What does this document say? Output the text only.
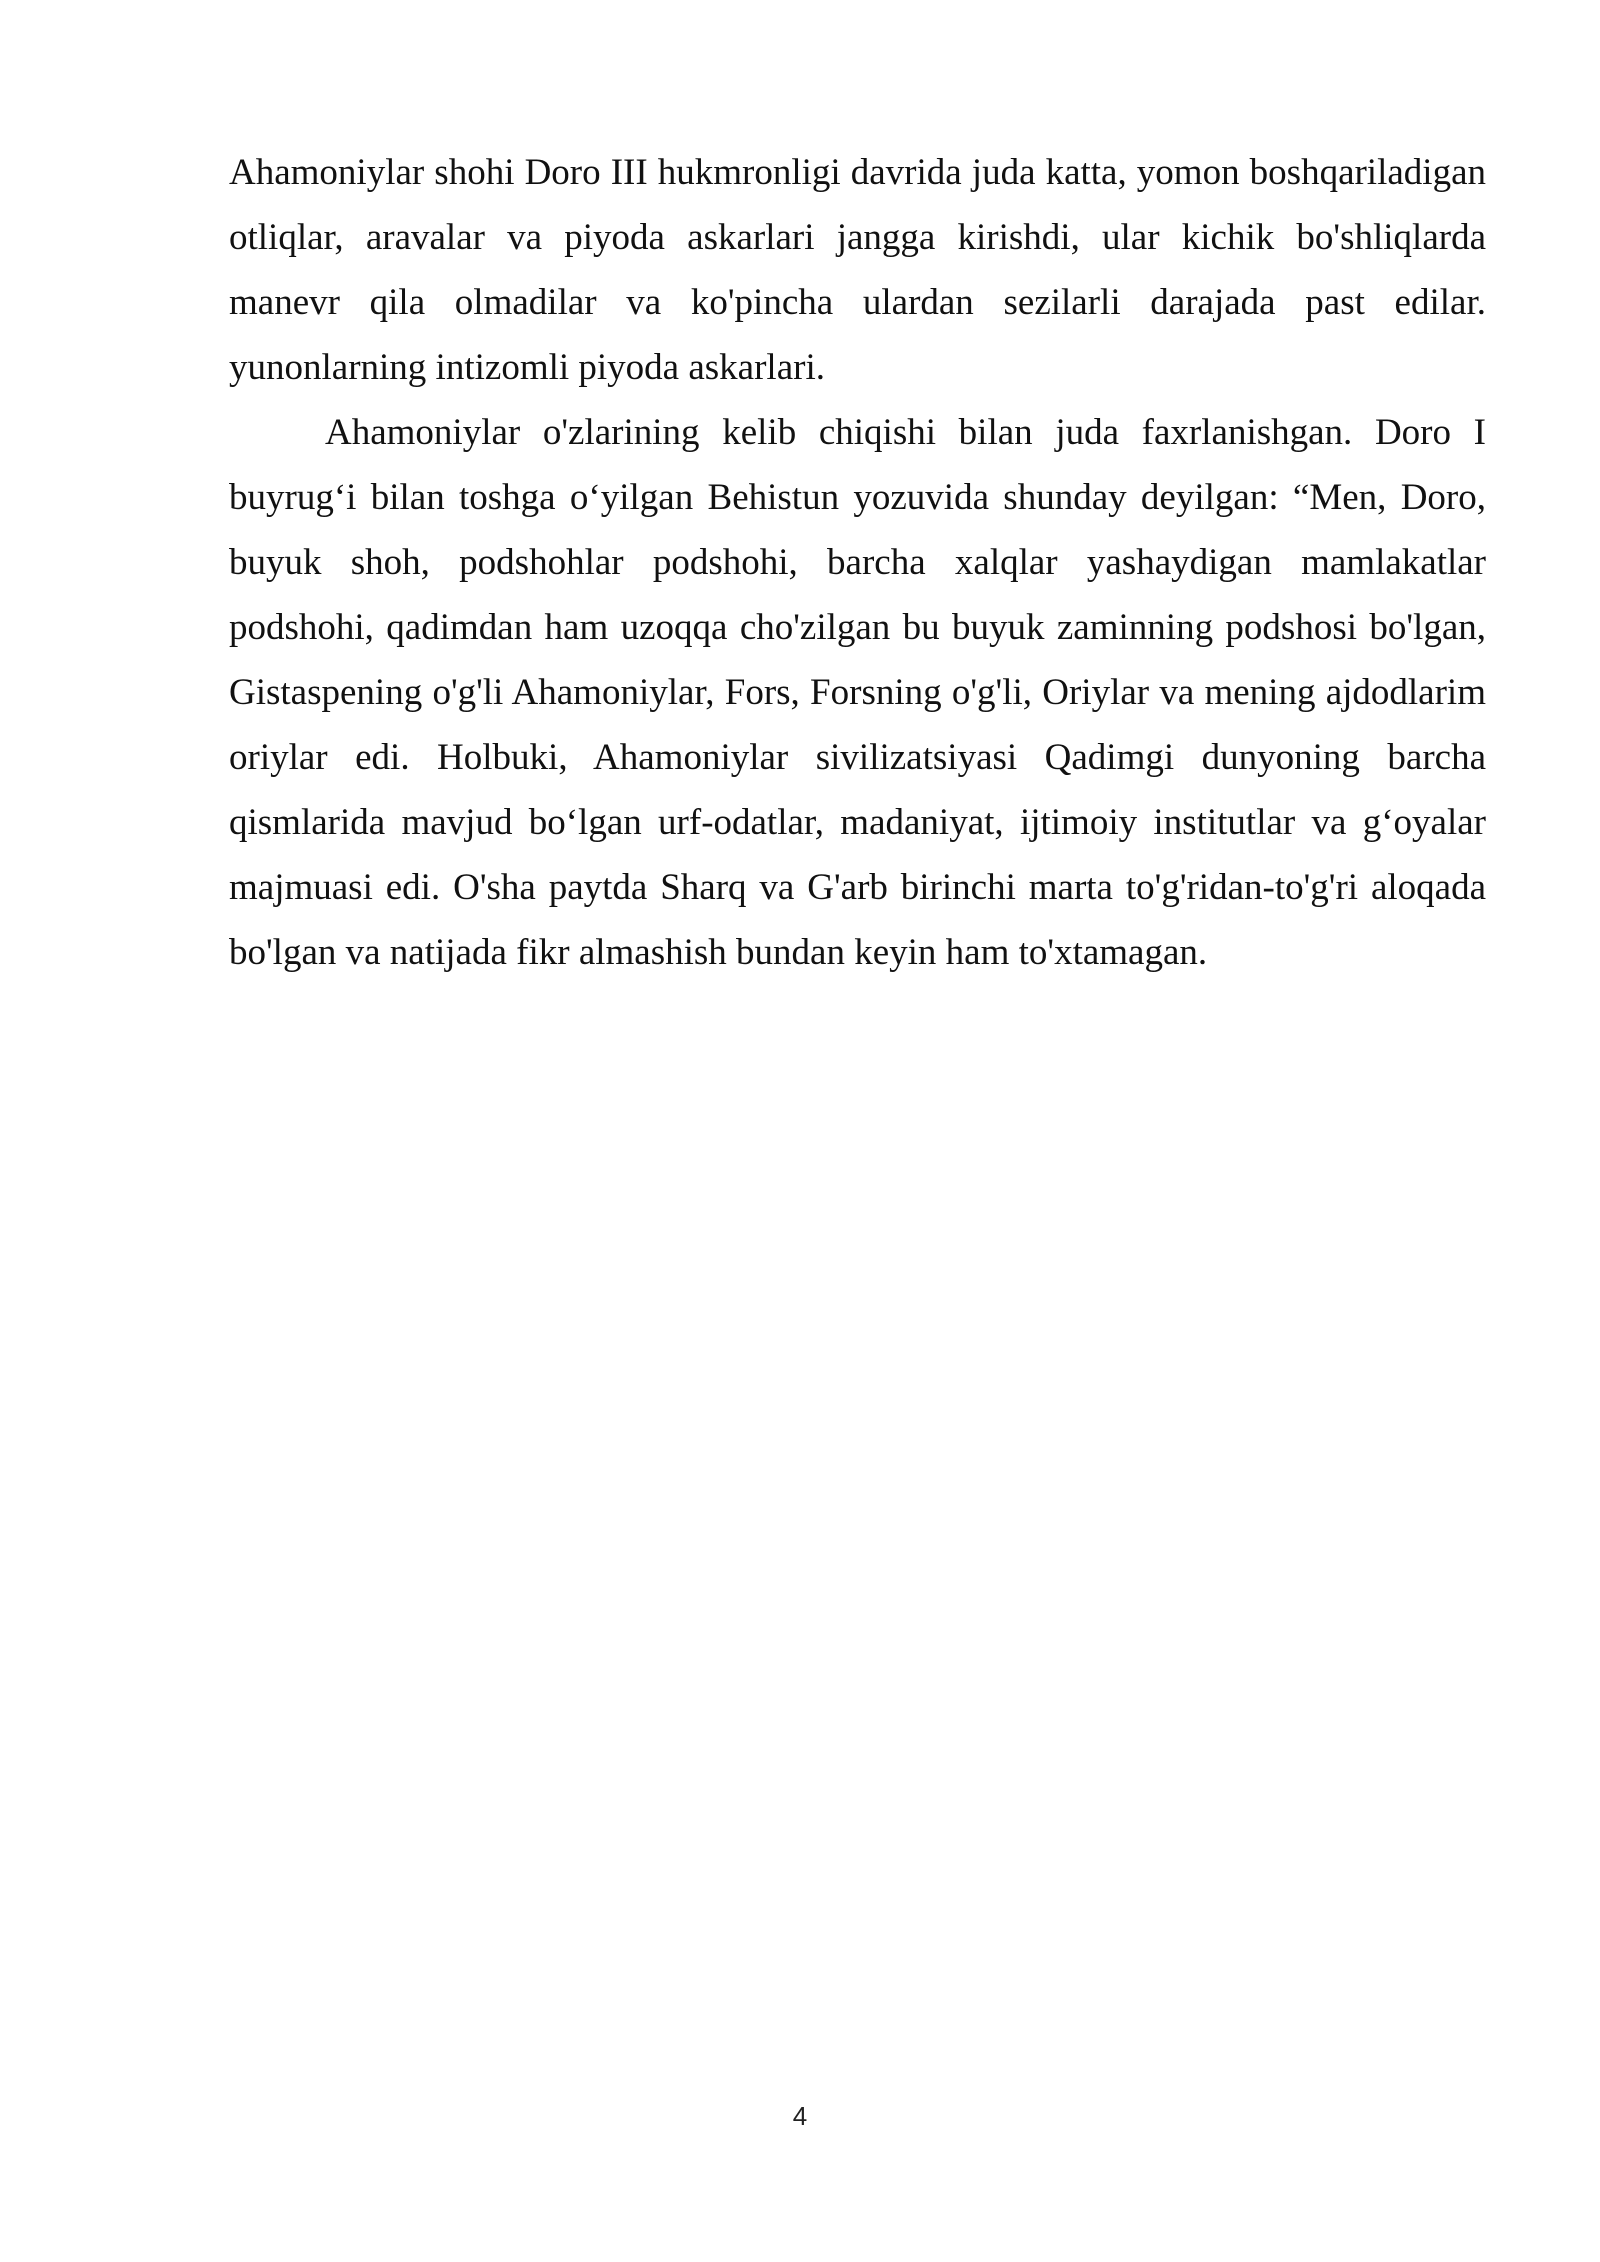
Ahamoniylar shohi Doro III hukmronligi davrida juda katta, yomon boshqariladigan otliqlar, aravalar va piyoda askarlari jangga kirishdi, ular kichik bo'shliqlarda manevr qila olmadilar va ko'pincha ulardan sezilarli darajada past edilar. yunonlarning intizomli piyoda askarlari.

Ahamoniylar o'zlarining kelib chiqishi bilan juda faxrlanishgan. Doro I buyrugʻi bilan toshga oʻyilgan Behistun yozuvida shunday deyilgan: “Men, Doro, buyuk shoh, podshohlar podshohi, barcha xalqlar yashaydigan mamlakatlar podshohi, qadimdan ham uzoqqa cho'zilgan bu buyuk zaminning podshosi bo'lgan, Gistaspening o'g'li Ahamoniylar, Fors, Forsning o'g'li, Oriylar va mening ajdodlarim oriylar edi. Holbuki, Ahamoniylar sivilizatsiyasi Qadimgi dunyoning barcha qismlarida mavjud boʻlgan urf-odatlar, madaniyat, ijtimoiy institutlar va gʻoyalar majmuasi edi. O'sha paytda Sharq va G'arb birinchi marta to'g'ridan-to'g'ri aloqada bo'lgan va natijada fikr almashish bundan keyin ham to'xtamagan.

4
